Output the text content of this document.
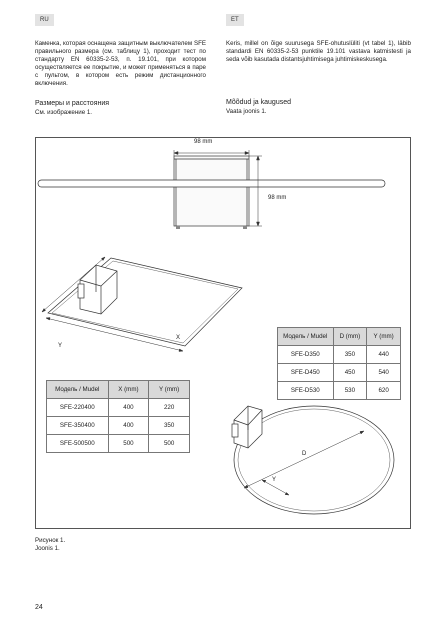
RU	ET
Каменка, которая оснащена защитным выключателем SFE правильного размера (см. таблицу 1), проходит тест по стандарту EN 60335-2-53, п. 19.101, при котором осуществляется ее покрытие, и может применяться в паре с пультом, в котором есть режим дистанционного включения.
Размеры и расстояния
См. изображение 1.
Keris, millel on õige suurusega SFE-ohutuslüliti (vt tabel 1), läbib standardi EN 60335-2-53 punktile 19.101 vastava katmistesti ja seda võib kasutada distantsjuhtimisega juhtimiskeskusega.
Mõõdud ja kaugused
Vaata joonis 1.
98 mm
98 mm
X
Y
D
Y
Модель / Mudel	X (mm)	Y (mm)
SFE-220400	400	220
SFE-350400	400	350
SFE-500500	500	500
Модель / Mudel	D (mm)	Y (mm)
SFE-D350	350	440
SFE-D450	450	540
SFE-D530	530	620
Рисунок 1.
Joonis 1.
24
